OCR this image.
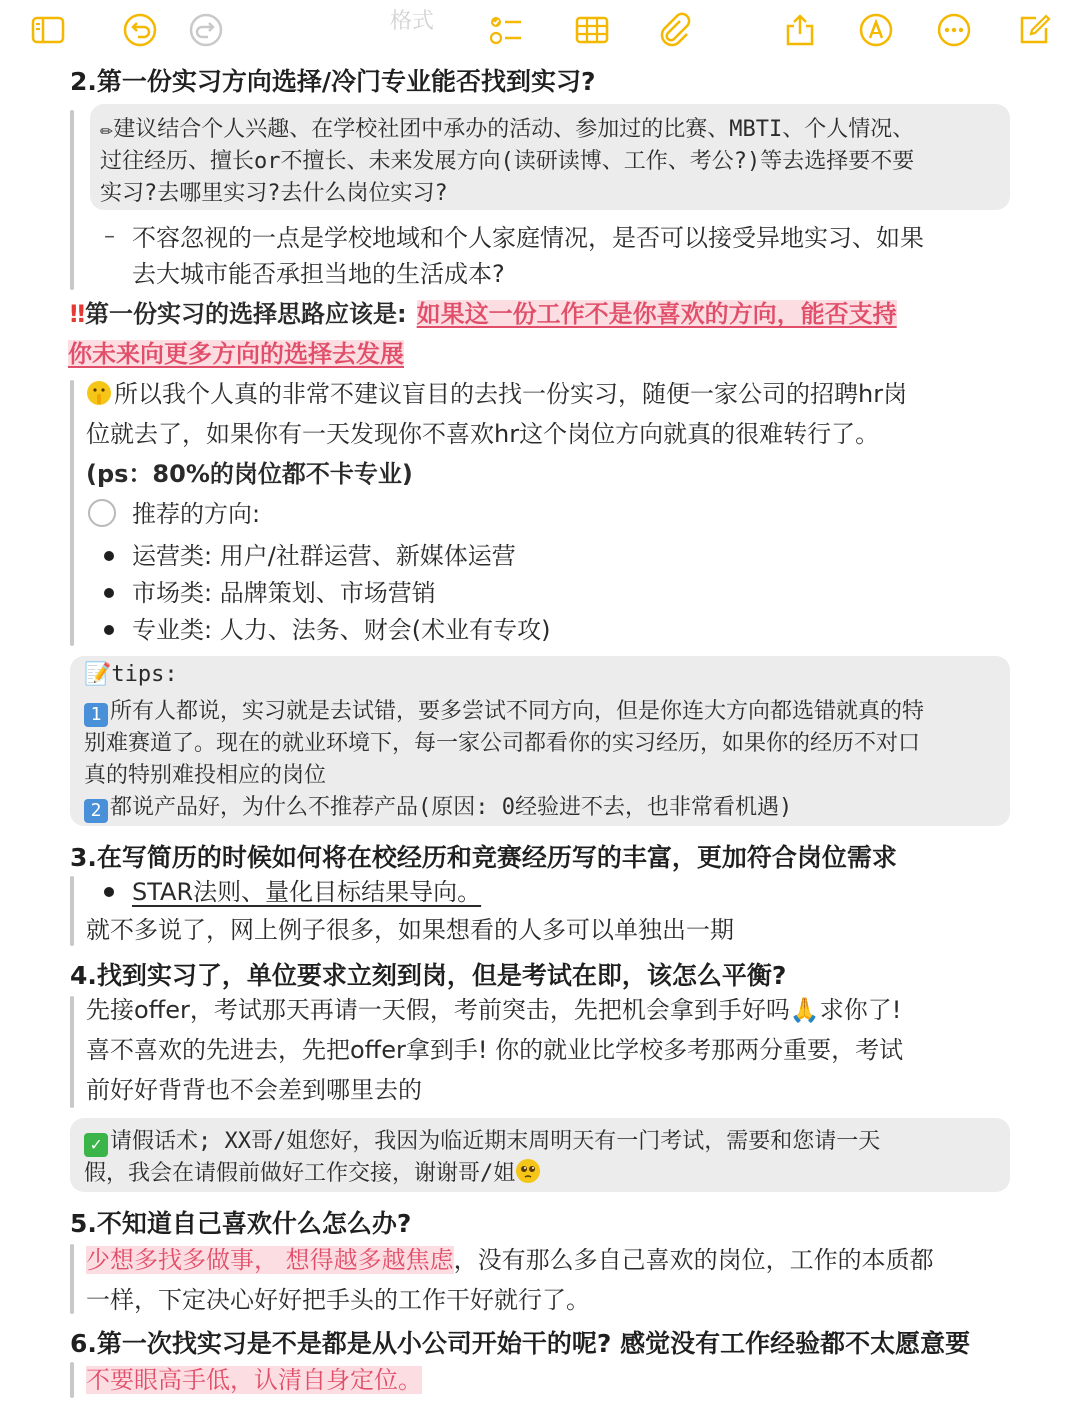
格式
2.第一份实习方向选择/冷门专业能否找到实习?
✏建议结合个人兴趣、在学校社团中承办的活动、参加过的比赛、MBTI、个人情况、
过往经历、擅长or不擅长、未来发展方向(读研读博、工作、考公?)等去选择要不要
实习?去哪里实习?去什么岗位实习?
– 不容忽视的一点是学校地域和个人家庭情况，是否可以接受异地实习、如果
去大城市能否承担当地的生活成本?
‼第一份实习的选择思路应该是: 如果这一份工作不是你喜欢的方向，能否支持
你未来向更多方向的选择去发展
所以我个人真的非常不建议盲目的去找一份实习，随便一家公司的招聘hr岗
位就去了，如果你有一天发现你不喜欢hr这个岗位方向就真的很难转行了。
(ps：80%的岗位都不卡专业)
推荐的方向:
运营类: 用户/社群运营、新媒体运营
市场类: 品牌策划、市场营销
专业类: 人力、法务、财会(术业有专攻)
📝tips:
1 所有人都说，实习就是去试错，要多尝试不同方向，但是你连大方向都选错就真的特
别难赛道了。现在的就业环境下，每一家公司都看你的实习经历，如果你的经历不对口
真的特别难投相应的岗位
2 都说产品好，为什么不推荐产品(原因: 0经验进不去，也非常看机遇)
3.在写简历的时候如何将在校经历和竞赛经历写的丰富，更加符合岗位需求
STAR法则、量化目标结果导向。
就不多说了，网上例子很多，如果想看的人多可以单独出一期
4.找到实习了，单位要求立刻到岗，但是考试在即，该怎么平衡?
先接offer，考试那天再请一天假，考前突击，先把机会拿到手好吗🙏求你了!
喜不喜欢的先进去，先把offer拿到手! 你的就业比学校多考那两分重要，考试
前好好背背也不会差到哪里去的
✓ 请假话术; XX哥/姐您好，我因为临近期末周明天有一门考试，需要和您请一天
假，我会在请假前做好工作交接，谢谢哥/姐
5.不知道自己喜欢什么怎么办?
少想多找多做事， 想得越多越焦虑，没有那么多自己喜欢的岗位，工作的本质都
一样，下定决心好好把手头的工作干好就行了。
6.第一次找实习是不是都是从小公司开始干的呢? 感觉没有工作经验都不太愿意要
不要眼高手低，认清自身定位。
